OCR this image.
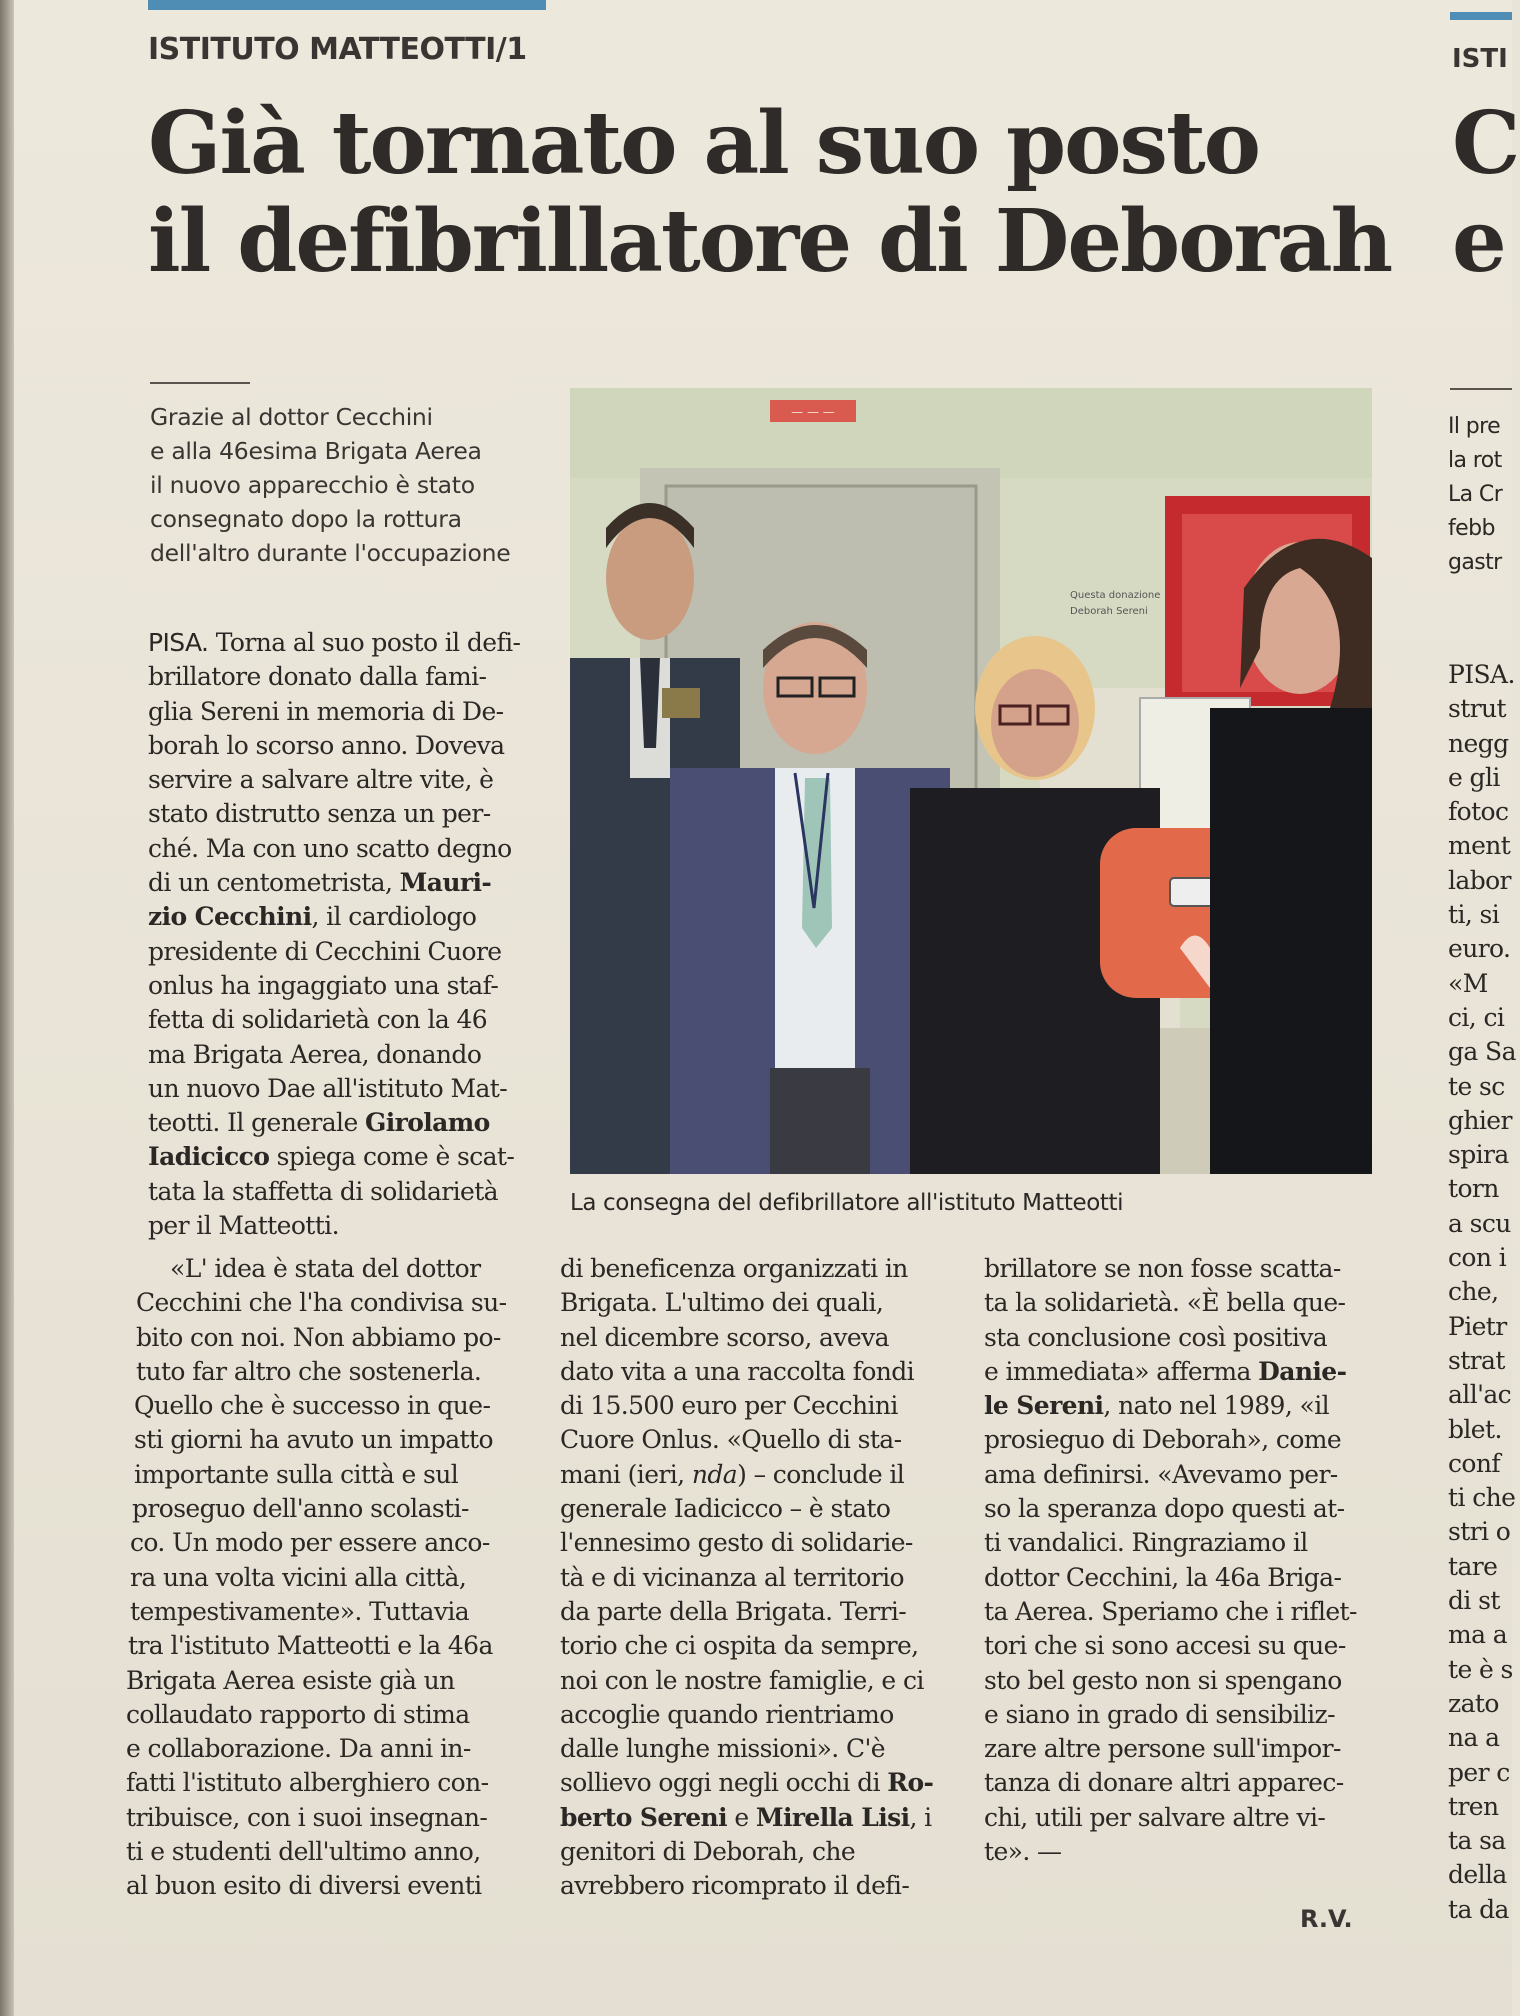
ISTITUTO MATTEOTTI/1	ISTI
Già tornato al suo posto
il defibrillatore di Deborah
C
e
Grazie al dottor Cecchini
e alla 46esima Brigata Aerea
il nuovo apparecchio è stato
consegnato dopo la rottura
dell'altro durante l'occupazione
— — —
Questa donazione
Deborah Sereni
La consegna del defibrillatore all'istituto Matteotti
PISA. Torna al suo posto il defi-
brillatore donato dalla fami-
glia Sereni in memoria di De-
borah lo scorso anno. Doveva
servire a salvare altre vite, è
stato distrutto senza un per-
ché. Ma con uno scatto degno
di un centometrista, Mauri-
zio Cecchini, il cardiologo
presidente di Cecchini Cuore
onlus ha ingaggiato una staf-
fetta di solidarietà con la 46
ma Brigata Aerea, donando
un nuovo Dae all'istituto Mat-
teotti. Il generale Girolamo
Iadicicco spiega come è scat-
tata la staffetta di solidarietà
per il Matteotti.
«L' idea è stata del dottor
Cecchini che l'ha condivisa su-
bito con noi. Non abbiamo po-
tuto far altro che sostenerla.
Quello che è successo in que-
sti giorni ha avuto un impatto
importante sulla città e sul
proseguo dell'anno scolasti-
co. Un modo per essere anco-
ra una volta vicini alla città,
tempestivamente». Tuttavia
tra l'istituto Matteotti e la 46a
Brigata Aerea esiste già un
collaudato rapporto di stima
e collaborazione. Da anni in-
fatti l'istituto alberghiero con-
tribuisce, con i suoi insegnan-
ti e studenti dell'ultimo anno,
al buon esito di diversi eventi
di beneficenza organizzati in
Brigata. L'ultimo dei quali,
nel dicembre scorso, aveva
dato vita a una raccolta fondi
di 15.500 euro per Cecchini
Cuore Onlus. «Quello di sta-
mani (ieri, nda) – conclude il
generale Iadicicco – è stato
l'ennesimo gesto di solidarie-
tà e di vicinanza al territorio
da parte della Brigata. Terri-
torio che ci ospita da sempre,
noi con le nostre famiglie, e ci
accoglie quando rientriamo
dalle lunghe missioni». C'è
sollievo oggi negli occhi di Ro-
berto Sereni e Mirella Lisi, i
genitori di Deborah, che
avrebbero ricomprato il defi-
brillatore se non fosse scatta-
ta la solidarietà. «È bella que-
sta conclusione così positiva
e immediata» afferma Danie-
le Sereni, nato nel 1989, «il
prosieguo di Deborah», come
ama definirsi. «Avevamo per-
so la speranza dopo questi at-
ti vandalici. Ringraziamo il
dottor Cecchini, la 46a Briga-
ta Aerea. Speriamo che i riflet-
tori che si sono accesi su que-
sto bel gesto non si spengano
e siano in grado di sensibiliz-
zare altre persone sull'impor-
tanza di donare altri apparec-
chi, utili per salvare altre vi-
te». —
R.V.
Il pre
la rot
La Cr
febb
gastr
PISA.
strut
negg
e gli
fotoc
ment
labor
ti, si
euro.
«M
ci, ci
ga Sa
te sc
ghier
spira
torn
a scu
con i
che,
Pietr
strat
all'ac
blet.
conf
ti che
stri o
tare
di st
ma a
te è s
zato
na a
per c
tren
ta sa
della
ta da
